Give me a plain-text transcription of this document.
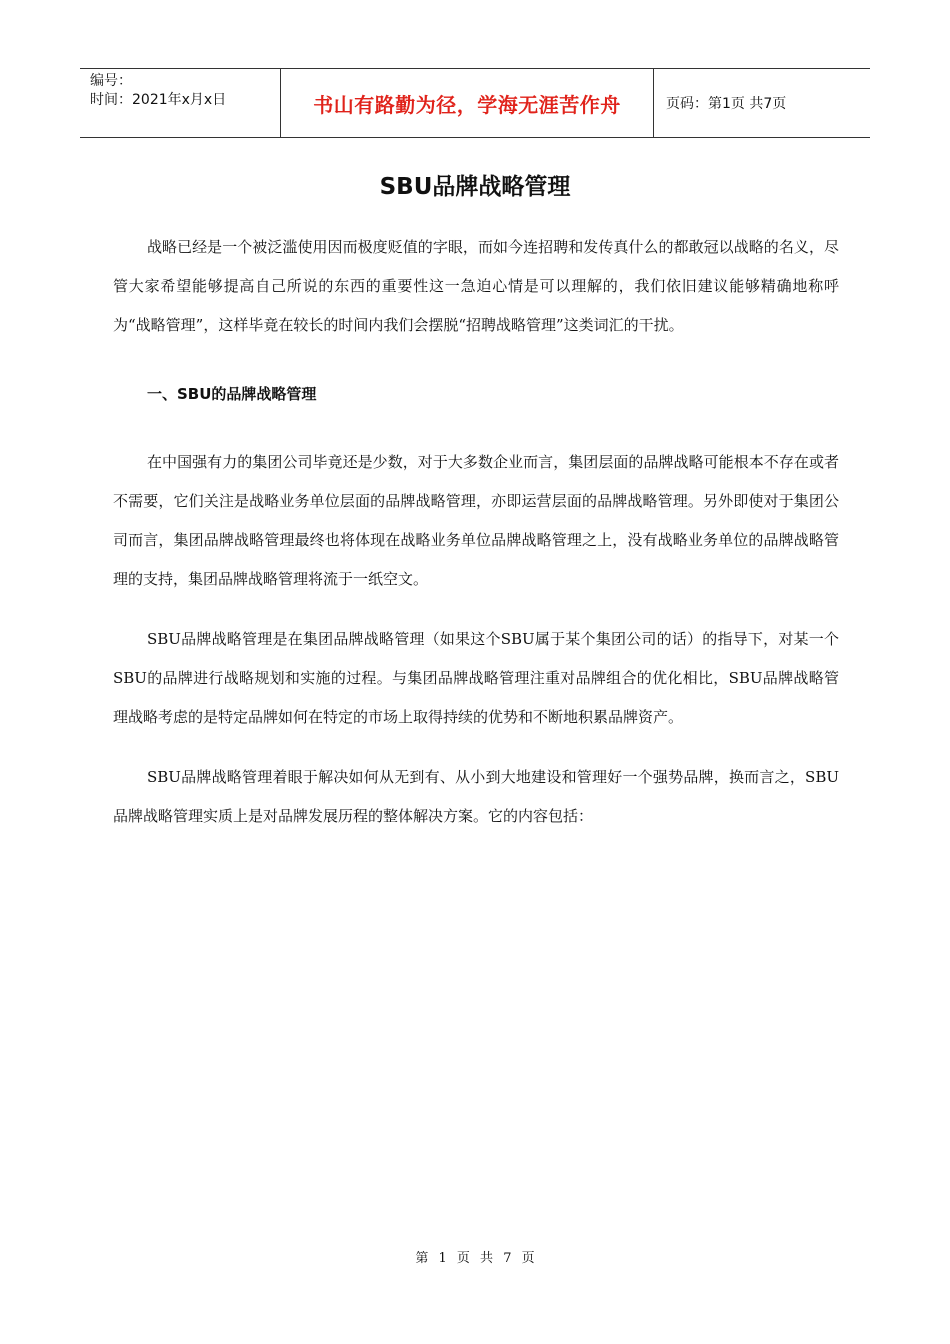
编号：
时间：2021年x月x日	书山有路勤为径，学海无涯苦作舟	页码：第1页 共7页
SBU品牌战略管理

战略已经是一个被泛滥使用因而极度贬值的字眼，而如今连招聘和发传真什么的都敢冠以战略的名义，尽管大家希望能够提高自己所说的东西的重要性这一急迫心情是可以理解的，我们依旧建议能够精确地称呼为“战略管理”，这样毕竟在较长的时间内我们会摆脱“招聘战略管理”这类词汇的干扰。

一、SBU的品牌战略管理

在中国强有力的集团公司毕竟还是少数，对于大多数企业而言，集团层面的品牌战略可能根本不存在或者不需要，它们关注是战略业务单位层面的品牌战略管理，亦即运营层面的品牌战略管理。另外即使对于集团公司而言，集团品牌战略管理最终也将体现在战略业务单位品牌战略管理之上，没有战略业务单位的品牌战略管理的支持，集团品牌战略管理将流于一纸空文。

SBU品牌战略管理是在集团品牌战略管理（如果这个SBU属于某个集团公司的话）的指导下，对某一个SBU的品牌进行战略规划和实施的过程。与集团品牌战略管理注重对品牌组合的优化相比，SBU品牌战略管理战略考虑的是特定品牌如何在特定的市场上取得持续的优势和不断地积累品牌资产。

SBU品牌战略管理着眼于解决如何从无到有、从小到大地建设和管理好一个强势品牌，换而言之，SBU品牌战略管理实质上是对品牌发展历程的整体解决方案。它的内容包括：

第 1 页 共 7 页
